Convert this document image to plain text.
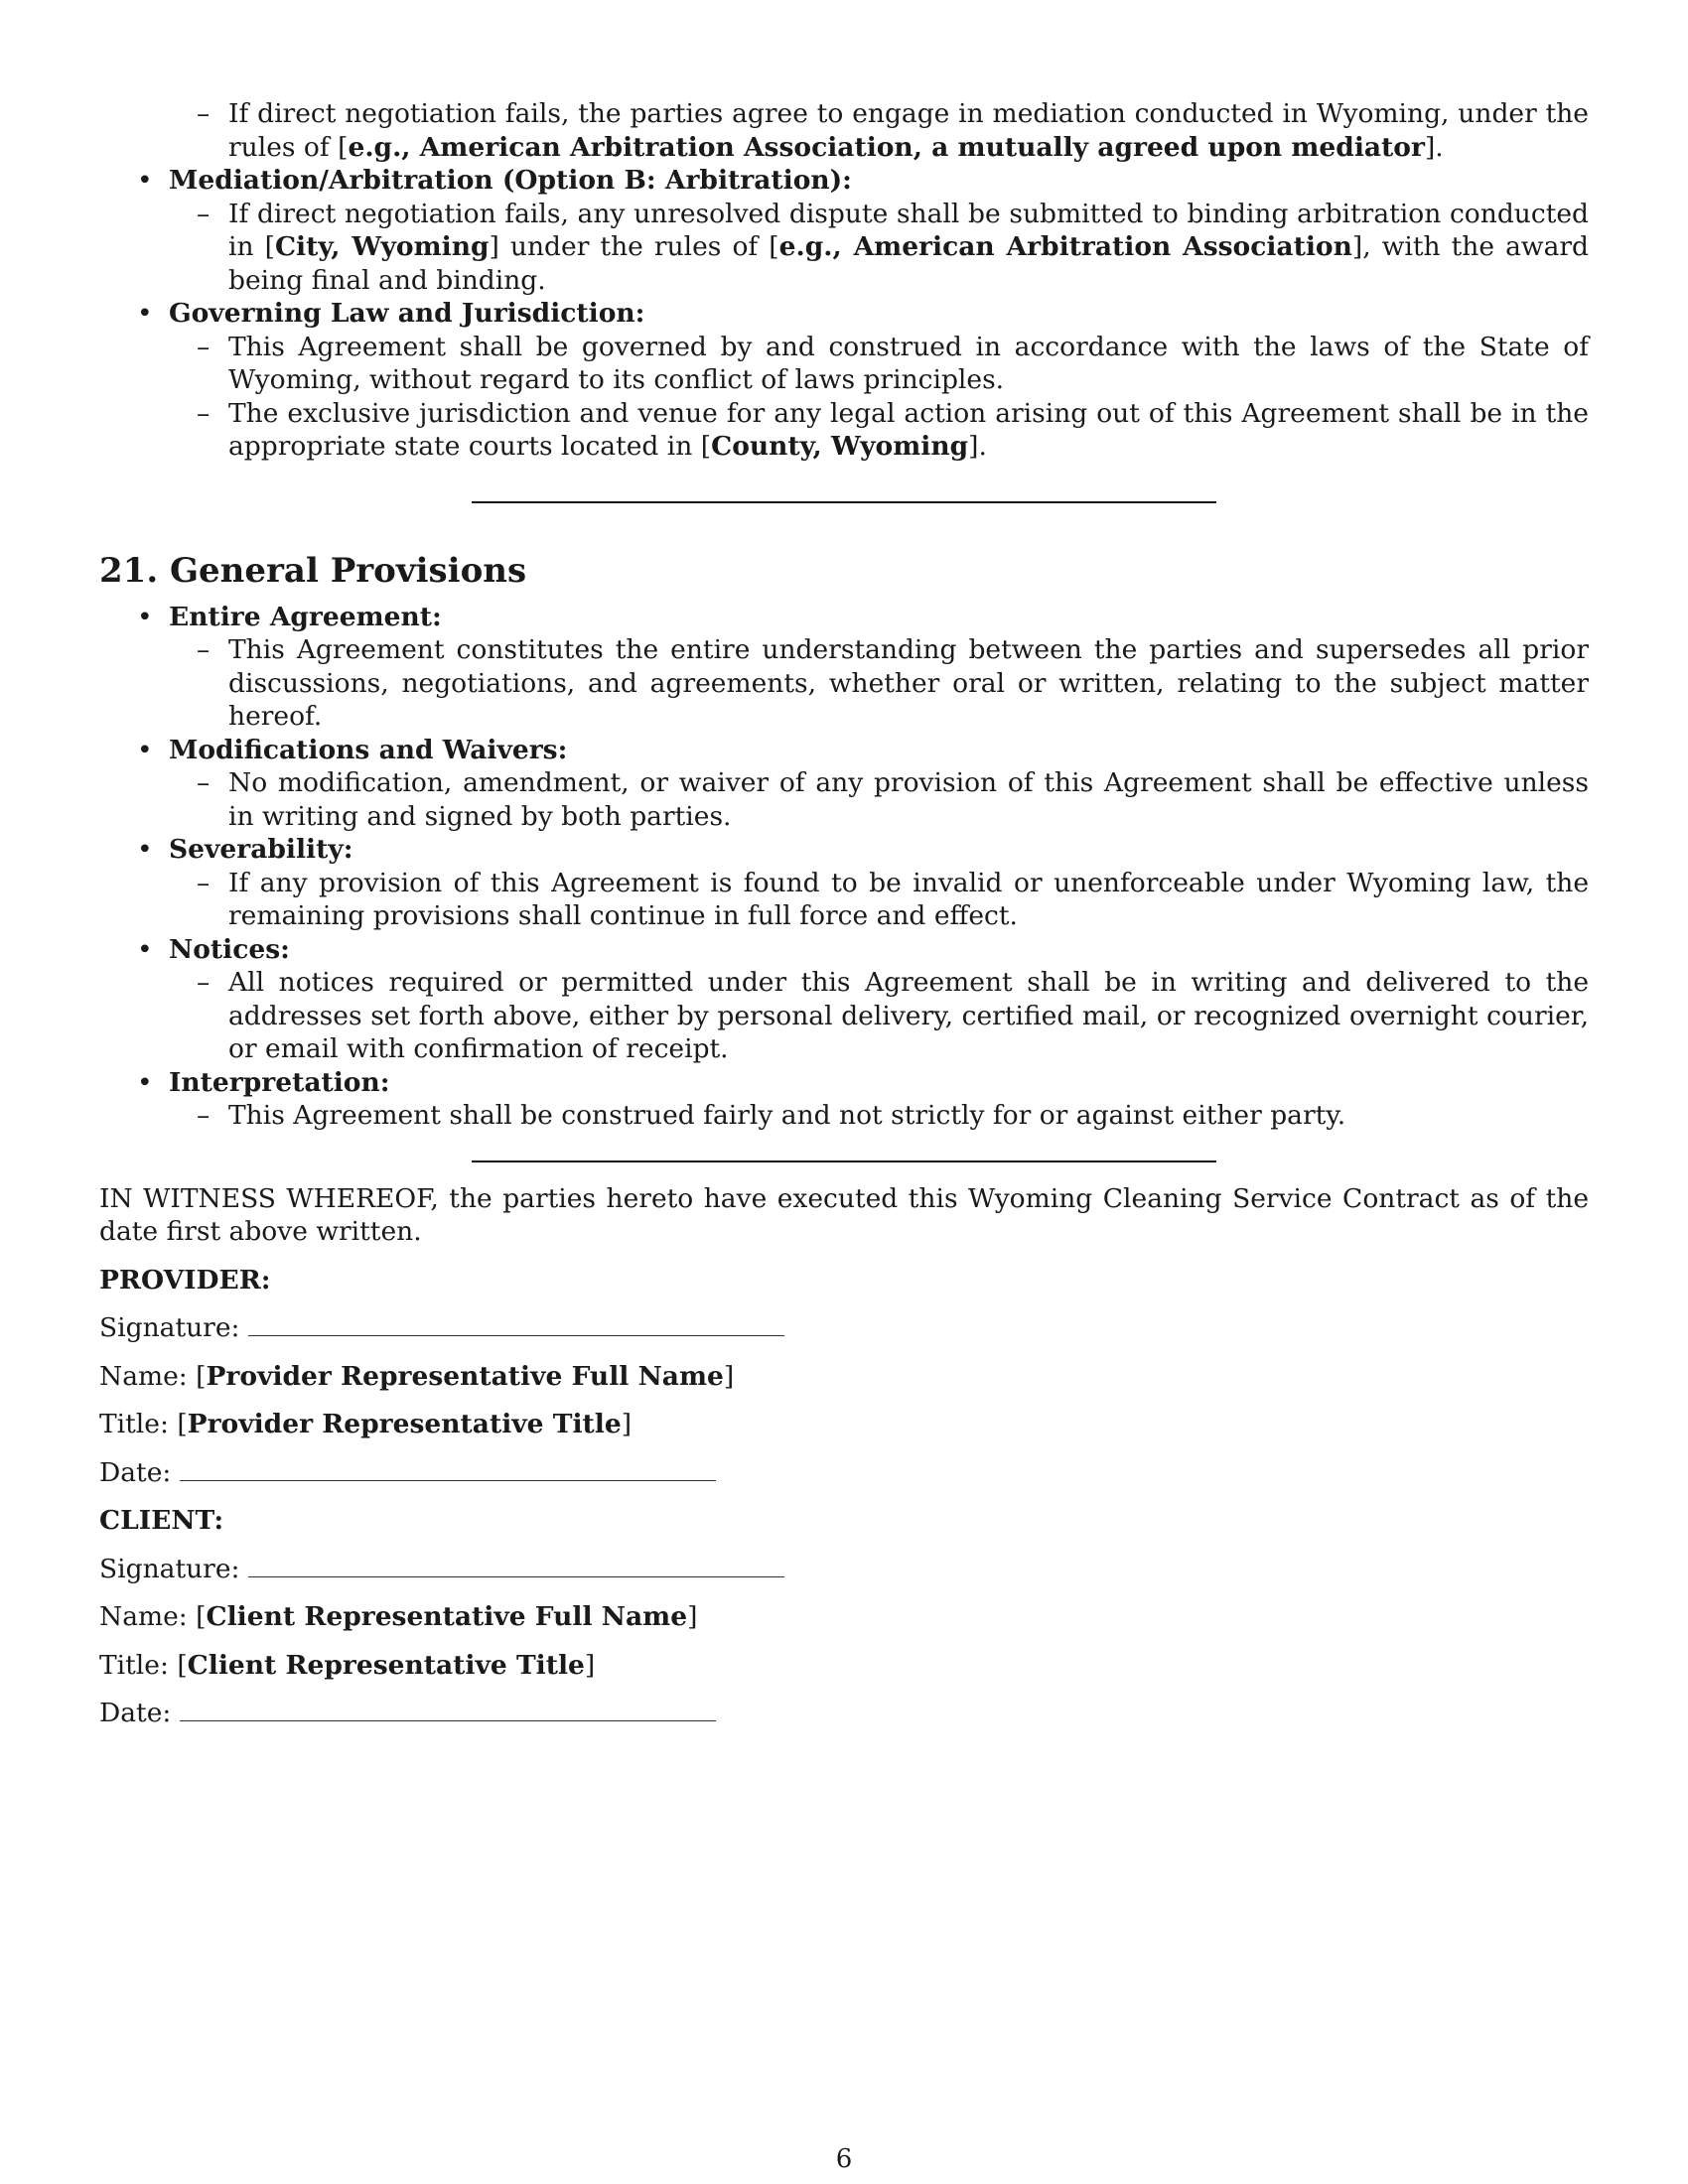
– If direct negotiation fails, the parties agree to engage in mediation conducted in Wyoming, under the rules of [e.g., American Arbitration Association, a mutually agreed upon mediator].

• Mediation/Arbitration (Option B: Arbitration):

– If direct negotiation fails, any unresolved dispute shall be submitted to binding arbitration conducted in [City, Wyoming] under the rules of [e.g., American Arbitration Association], with the award being final and binding.

• Governing Law and Jurisdiction:

– This Agreement shall be governed by and construed in accordance with the laws of the State of Wyoming, without regard to its conflict of laws principles.

– The exclusive jurisdiction and venue for any legal action arising out of this Agreement shall be in the appropriate state courts located in [County, Wyoming].

21. General Provisions

• Entire Agreement:

– This Agreement constitutes the entire understanding between the parties and supersedes all prior discussions, negotiations, and agreements, whether oral or written, relating to the subject matter hereof.

• Modifications and Waivers:

– No modification, amendment, or waiver of any provision of this Agreement shall be effective unless in writing and signed by both parties.

• Severability:

– If any provision of this Agreement is found to be invalid or unenforceable under Wyoming law, the remaining provisions shall continue in full force and effect.

• Notices:

– All notices required or permitted under this Agreement shall be in writing and delivered to the addresses set forth above, either by personal delivery, certified mail, or recognized overnight courier, or email with confirmation of receipt.

• Interpretation:

– This Agreement shall be construed fairly and not strictly for or against either party.

IN WITNESS WHEREOF, the parties hereto have executed this Wyoming Cleaning Service Contract as of the date first above written.

PROVIDER:

Signature:

Name: [Provider Representative Full Name]

Title: [Provider Representative Title]

Date:

CLIENT:

Signature:

Name: [Client Representative Full Name]

Title: [Client Representative Title]

Date:

6
